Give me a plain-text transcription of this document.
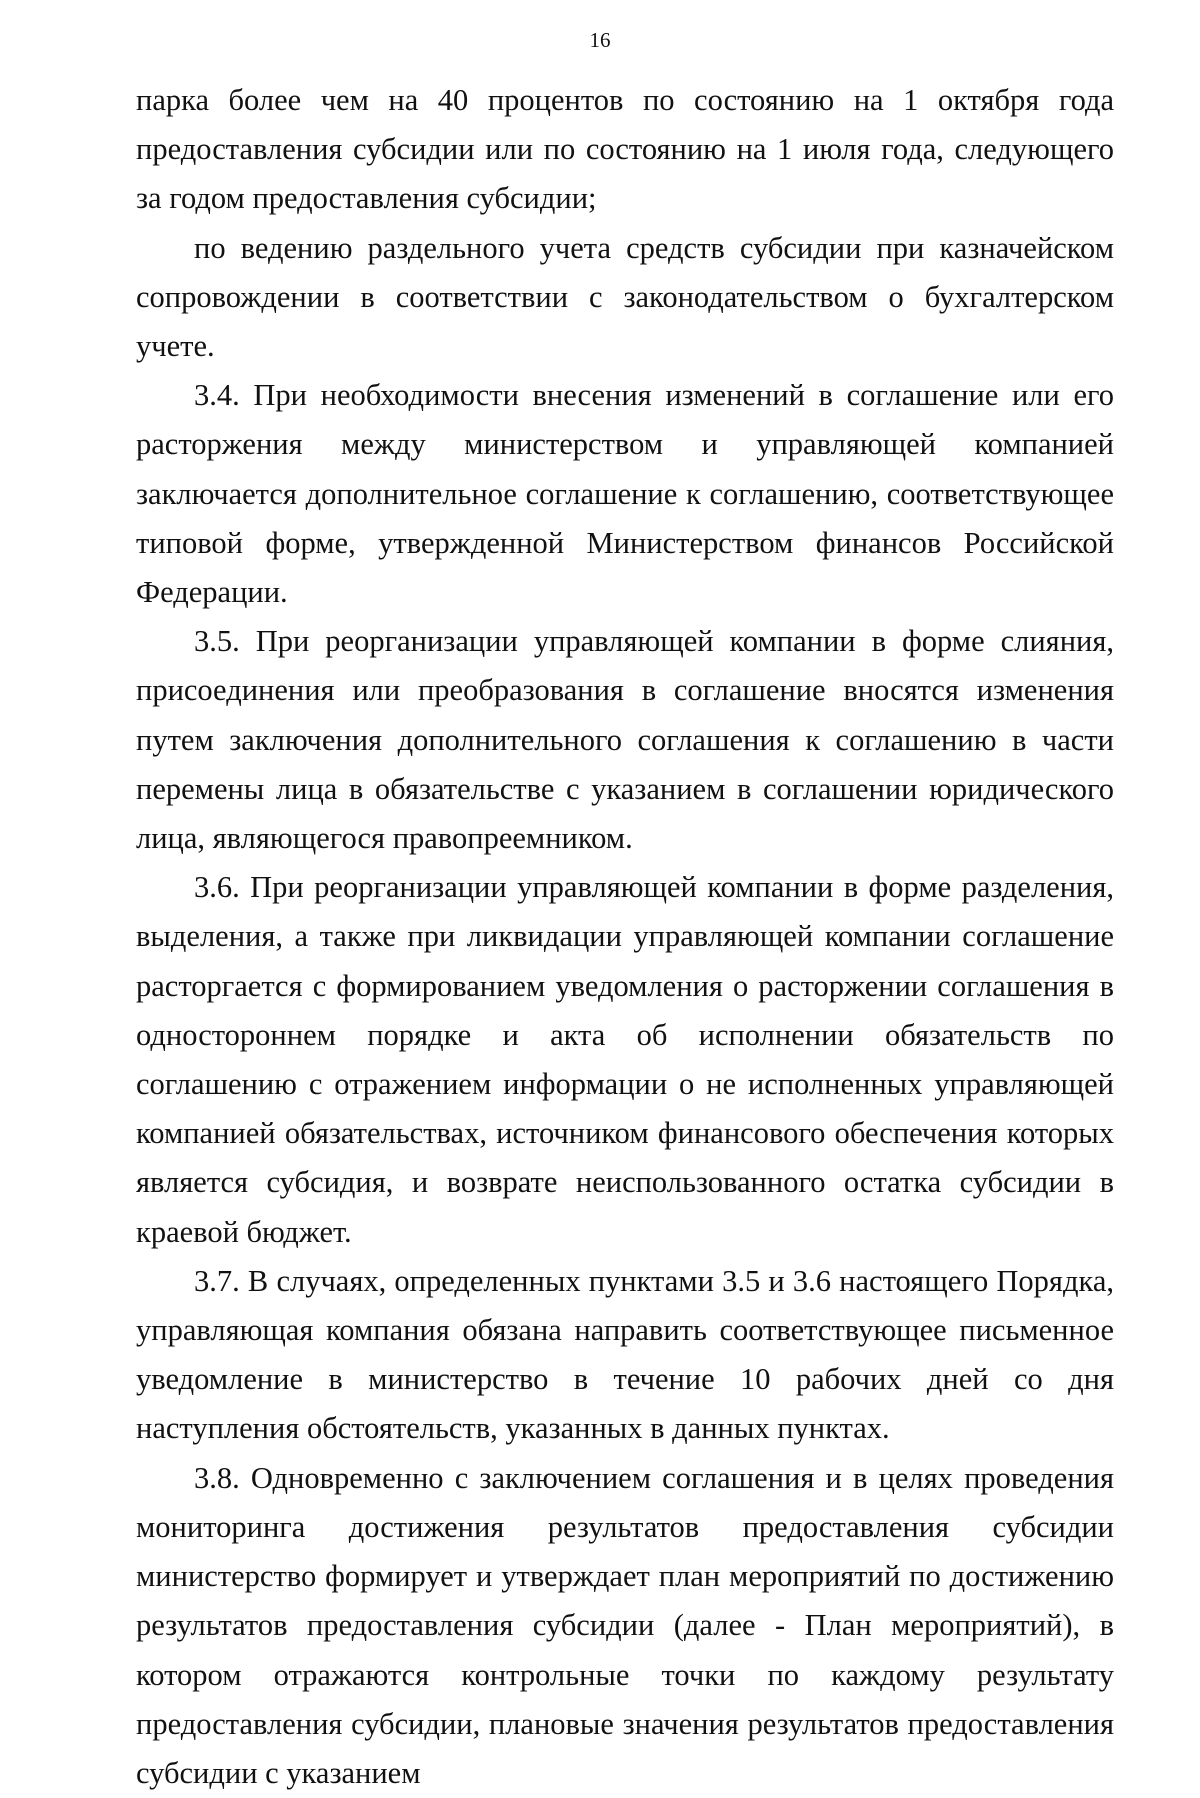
16

парка более чем на 40 процентов по состоянию на 1 октября года предоставления субсидии или по состоянию на 1 июля года, следующего за годом предоставления субсидии;

по ведению раздельного учета средств субсидии при казначейском сопровождении в соответствии с законодательством о бухгалтерском учете.

3.4. При необходимости внесения изменений в соглашение или его расторжения между министерством и управляющей компанией заключается дополнительное соглашение к соглашению, соответствующее типовой форме, утвержденной Министерством финансов Российской Федерации.

3.5. При реорганизации управляющей компании в форме слияния, присоединения или преобразования в соглашение вносятся изменения путем заключения дополнительного соглашения к соглашению в части перемены лица в обязательстве с указанием в соглашении юридического лица, являющегося правопреемником.

3.6. При реорганизации управляющей компании в форме разделения, выделения, а также при ликвидации управляющей компании соглашение расторгается с формированием уведомления о расторжении соглашения в одностороннем порядке и акта об исполнении обязательств по соглашению с отражением информации о не исполненных управляющей компанией обязательствах, источником финансового обеспечения которых является субсидия, и возврате неиспользованного остатка субсидии в краевой бюджет.

3.7. В случаях, определенных пунктами 3.5 и 3.6 настоящего Порядка, управляющая компания обязана направить соответствующее письменное уведомление в министерство в течение 10 рабочих дней со дня наступления обстоятельств, указанных в данных пунктах.

3.8. Одновременно с заключением соглашения и в целях проведения мониторинга достижения результатов предоставления субсидии министерство формирует и утверждает план мероприятий по достижению результатов предоставления субсидии (далее - План мероприятий), в котором отражаются контрольные точки по каждому результату предоставления субсидии, плановые значения результатов предоставления субсидии с указанием
